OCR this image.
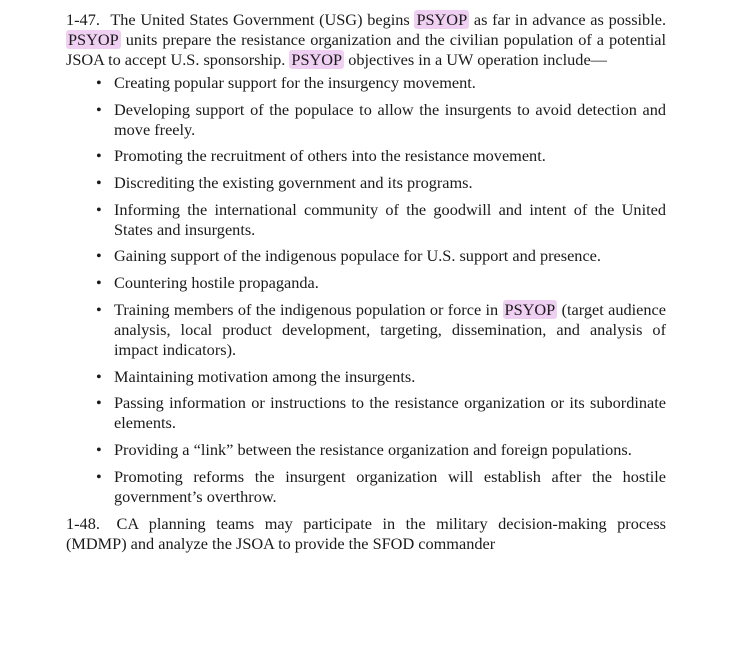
1-47. The United States Government (USG) begins PSYOP as far in advance as possible. PSYOP units prepare the resistance organization and the civilian population of a potential JSOA to accept U.S. sponsorship. PSYOP objectives in a UW operation include—

• Creating popular support for the insurgency movement.
• Developing support of the populace to allow the insurgents to avoid detection and move freely.
• Promoting the recruitment of others into the resistance movement.
• Discrediting the existing government and its programs.
• Informing the international community of the goodwill and intent of the United States and insurgents.
• Gaining support of the indigenous populace for U.S. support and presence.
• Countering hostile propaganda.
• Training members of the indigenous population or force in PSYOP (target audience analysis, local product development, targeting, dissemination, and analysis of impact indicators).
• Maintaining motivation among the insurgents.
• Passing information or instructions to the resistance organization or its subordinate elements.
• Providing a “link” between the resistance organization and foreign populations.
• Promoting reforms the insurgent organization will establish after the hostile government’s overthrow.

1-48. CA planning teams may participate in the military decision-making process (MDMP) and analyze the JSOA to provide the SFOD commander
